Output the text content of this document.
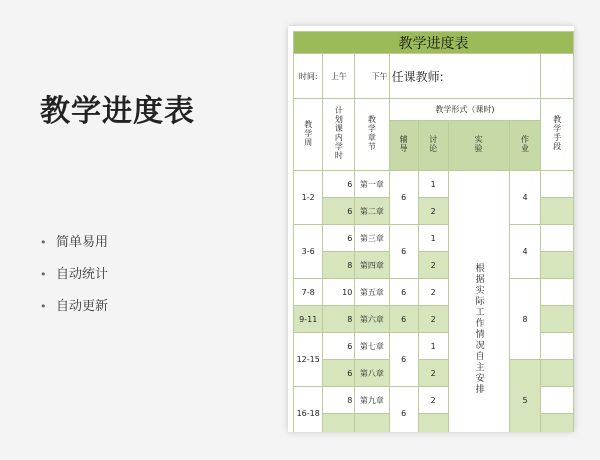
教学进度表
• 简单易用
• 自动统计
• 自动更新
教学进度表							
时间:	上午	下午	任课教师:				
教学周	计划课内学时	教学章节	教学形式（课时)				教学手段
			辅导	讨论	实验	作业	
1-2	6	第一章	6	1	根据实际工作情况自主安排	4	
	6	第二章		2			
3-6	6	第三章	6	1		4	
	8	第四章		2			
7-8	10	第五章	6	2		8	
9-11	8	第六章	6	2			
12-15	6	第七章	6	1			
	6	第八章		2		5	
16-18	8	第九章	6	2			
